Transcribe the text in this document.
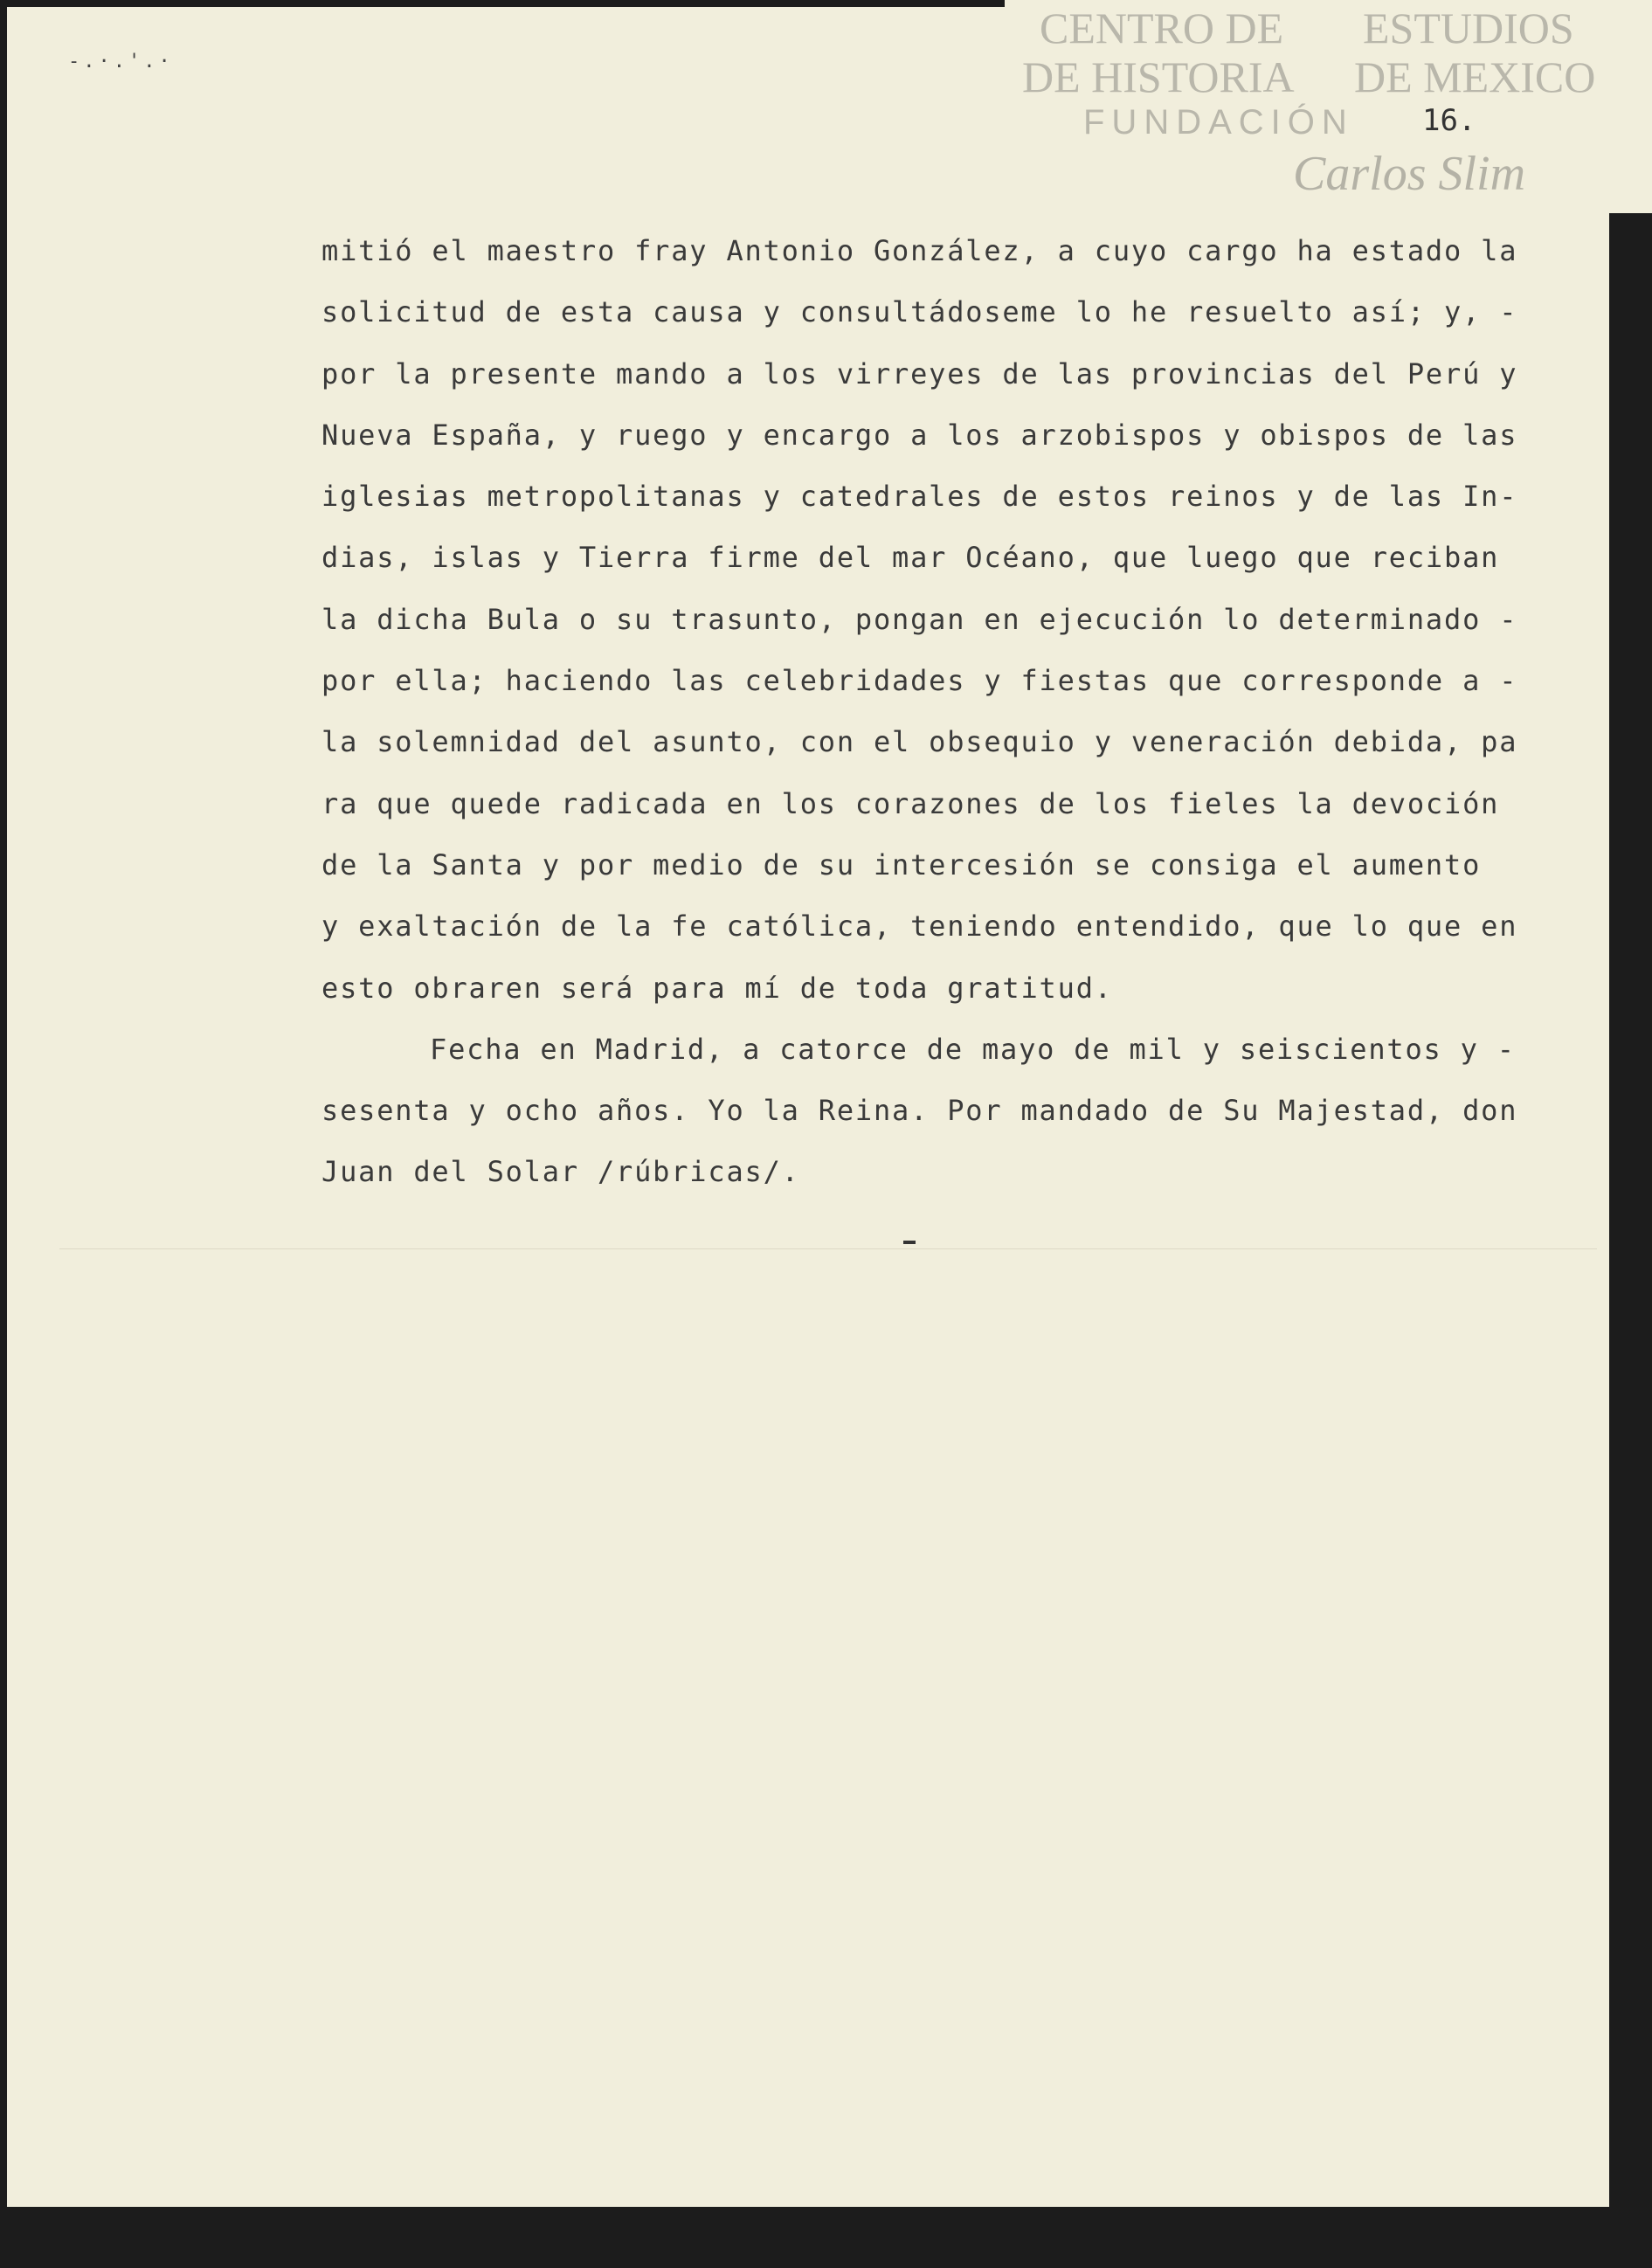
-.·.'.·
CENTRO DE ESTUDIOS
DE HISTORIA DE MEXICO
FUNDACIÓN
Carlos Slim
16.
mitió el maestro fray Antonio González, a cuyo cargo ha estado la
solicitud de esta causa y consultádoseme lo he resuelto así; y, -
por la presente mando a los virreyes de las provincias del Perú y
Nueva España, y ruego y encargo a los arzobispos y obispos de las
iglesias metropolitanas y catedrales de estos reinos y de las In-
dias, islas y Tierra firme del mar Océano, que luego que reciban
la dicha Bula o su trasunto, pongan en ejecución lo determinado -
por ella; haciendo las celebridades y fiestas que corresponde a -
la solemnidad del asunto, con el obsequio y veneración debida, pa
ra que quede radicada en los corazones de los fieles la devoción
de la Santa y por medio de su intercesión se consiga el aumento
y exaltación de la fe católica, teniendo entendido, que lo que en
esto obraren será para mí de toda gratitud.
Fecha en Madrid, a catorce de mayo de mil y seiscientos y -
sesenta y ocho años. Yo la Reina. Por mandado de Su Majestad, don
Juan del Solar /rúbricas/.
